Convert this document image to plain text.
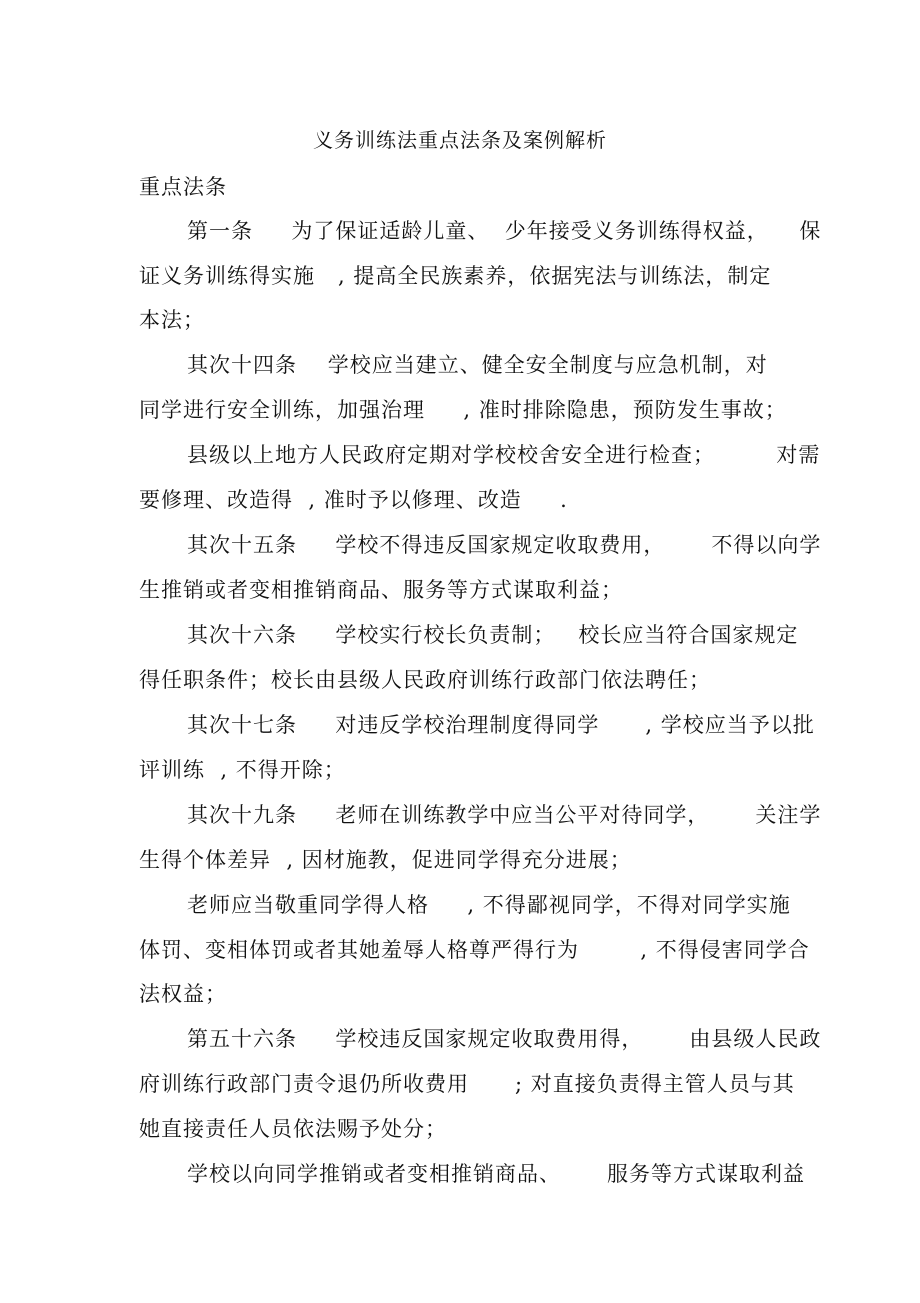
义务训练法重点法条及案例解析
重点法条
第一条     为了保证适龄儿童、  少年接受义务训练得权益，    保
证义务训练得实施   , 提高全民族素养，依据宪法与训练法，制定
本法；
其次十四条    学校应当建立、健全安全制度与应急机制，对
同学进行安全训练，加强治理     , 准时排除隐患，预防发生事故；
县级以上地方人民政府定期对学校校舍安全进行检查；        对需
要修理、改造得  , 准时予以修理、改造     .
其次十五条     学校不得违反国家规定收取费用，      不得以向学
生推销或者变相推销商品、服务等方式谋取利益；
其次十六条     学校实行校长负责制；   校长应当符合国家规定
得任职条件；校长由县级人民政府训练行政部门依法聘任；
其次十七条     对违反学校治理制度得同学      , 学校应当予以批
评训练  , 不得开除；
其次十九条     老师在训练教学中应当公平对待同学，      关注学
生得个体差异  , 因材施教，促进同学得充分进展；
老师应当敬重同学得人格     , 不得鄙视同学，不得对同学实施
体罚、变相体罚或者其她羞辱人格尊严得行为        , 不得侵害同学合
法权益；
第五十六条     学校违反国家规定收取费用得，      由县级人民政
府训练行政部门责令退仍所收费用      ; 对直接负责得主管人员与其
她直接责任人员依法赐予处分；
学校以向同学推销或者变相推销商品、      服务等方式谋取利益
